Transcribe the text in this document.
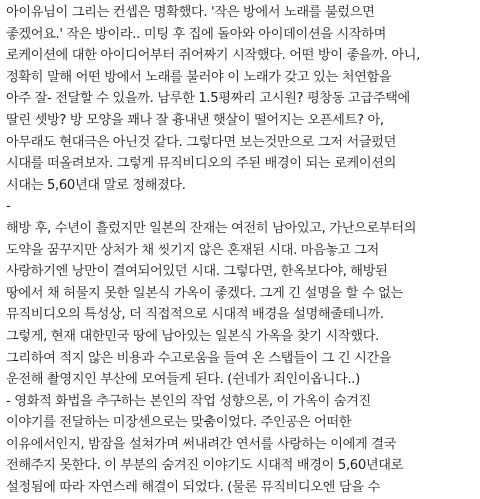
아이유님이 그리는 컨셉은 명확했다. '작은 방에서 노래를 불렀으면
좋겠어요.' 작은 방이라.. 미팅 후 집에 돌아와 아이데이션을 시작하며
로케이션에 대한 아이디어부터 쥐어짜기 시작했다. 어떤 방이 좋을까. 아니,
정확히 말해 어떤 방에서 노래를 불러야 이 노래가 갖고 있는 처연함을
아주 잘- 전달할 수 있을까. 남루한 1.5평짜리 고시원? 평창동 고급주택에
딸린 셋방? 방 모양을 꽤나 잘 흉내낸 햇살이 떨어지는 오픈세트? 아,
아무래도 현대극은 아닌것 같다. 그렇다면 보는것만으로 그저 서글펐던
시대를 떠올려보자. 그렇게 뮤직비디오의 주된 배경이 되는 로케이션의
시대는 5,60년대 말로 정해졌다.
-
해방 후, 수년이 흘렀지만 일본의 잔재는 여전히 남아있고, 가난으로부터의
도약을 꿈꾸지만 상처가 채 씻기지 않은 혼재된 시대. 마음놓고 그저
사랑하기엔 낭만이 결여되어있던 시대. 그렇다면, 한옥보다야, 해방된
땅에서 채 허물지 못한 일본식 가옥이 좋겠다. 그게 긴 설명을 할 수 없는
뮤직비디오의 특성상, 더 직접적으로 시대적 배경을 설명해줄테니까.
그렇게, 현재 대한민국 땅에 남아있는 일본식 가옥을 찾기 시작했다.
그리하여 적지 않은 비용과 수고로움을 들여 온 스탭들이 그 긴 시간을
운전해 촬영지인 부산에 모여들게 된다. (쉰네가 죄인이옵니다..)
- 영화적 화법을 추구하는 본인의 작업 성향으론, 이 가옥이 숨겨진
이야기를 전달하는 미장센으로는 맞춤이었다. 주인공은 어떠한
이유에서인지, 밤잠을 설쳐가며 써내려간 연서를 사랑하는 이에게 결국
전해주지 못한다. 이 부분의 숨겨진 이야기도 시대적 배경이 5,60년대로
설정됨에 따라 자연스레 해결이 되었다. (물론 뮤직비디오엔 담을 수
